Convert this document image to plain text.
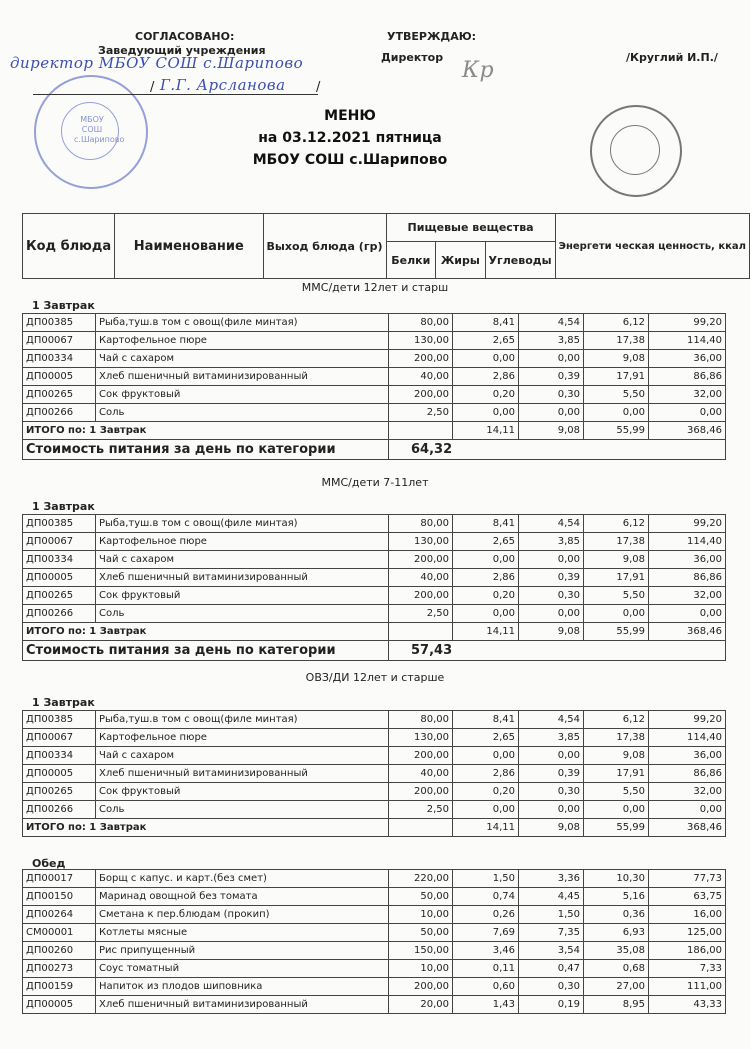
СОГЛАСОВАНО:
Заведующий учреждения
МБОУ СОШ с.Шарипово
директор МБОУ СОШ с.Шарипово
/ Г.Г. Арсланова /
УТВЕРЖДАЮ:
Директор
Кр
/Круглий И.П./
МЕНЮ
на 03.12.2021 пятница
МБОУ СОШ с.Шарипово
Код блюда	Наименование	Выход блюда (гр)	Пищевые вещества			Энергети ческая ценность, ккал
			Белки	Жиры	Углеводы	
ММС/дети 12лет и старш
1 Завтрак
ДП00385	Рыба,туш.в том с овощ(филе минтая)	80,00	8,41	4,54	6,12	99,20
ДП00067	Картофельное пюре	130,00	2,65	3,85	17,38	114,40
ДП00334	Чай с сахаром	200,00	0,00	0,00	9,08	36,00
ДП00005	Хлеб пшеничный витаминизированный	40,00	2,86	0,39	17,91	86,86
ДП00265	Сок фруктовый	200,00	0,20	0,30	5,50	32,00
ДП00266	Соль	2,50	0,00	0,00	0,00	0,00
ИТОГО по: 1 Завтрак			14,11	9,08	55,99	368,46
Стоимость питания за день по категории		64,32				
ММС/дети 7-11лет
1 Завтрак
ДП00385	Рыба,туш.в том с овощ(филе минтая)	80,00	8,41	4,54	6,12	99,20
ДП00067	Картофельное пюре	130,00	2,65	3,85	17,38	114,40
ДП00334	Чай с сахаром	200,00	0,00	0,00	9,08	36,00
ДП00005	Хлеб пшеничный витаминизированный	40,00	2,86	0,39	17,91	86,86
ДП00265	Сок фруктовый	200,00	0,20	0,30	5,50	32,00
ДП00266	Соль	2,50	0,00	0,00	0,00	0,00
ИТОГО по: 1 Завтрак			14,11	9,08	55,99	368,46
Стоимость питания за день по категории		57,43				
ОВЗ/ДИ 12лет и старше
1 Завтрак
ДП00385	Рыба,туш.в том с овощ(филе минтая)	80,00	8,41	4,54	6,12	99,20
ДП00067	Картофельное пюре	130,00	2,65	3,85	17,38	114,40
ДП00334	Чай с сахаром	200,00	0,00	0,00	9,08	36,00
ДП00005	Хлеб пшеничный витаминизированный	40,00	2,86	0,39	17,91	86,86
ДП00265	Сок фруктовый	200,00	0,20	0,30	5,50	32,00
ДП00266	Соль	2,50	0,00	0,00	0,00	0,00
ИТОГО по: 1 Завтрак			14,11	9,08	55,99	368,46
Обед
ДП00017	Борщ с капус. и карт.(без смет)	220,00	1,50	3,36	10,30	77,73
ДП00150	Маринад овощной без томата	50,00	0,74	4,45	5,16	63,75
ДП00264	Сметана к пер.блюдам (прокип)	10,00	0,26	1,50	0,36	16,00
СМ00001	Котлеты мясные	50,00	7,69	7,35	6,93	125,00
ДП00260	Рис припущенный	150,00	3,46	3,54	35,08	186,00
ДП00273	Соус томатный	10,00	0,11	0,47	0,68	7,33
ДП00159	Напиток из плодов шиповника	200,00	0,60	0,30	27,00	111,00
ДП00005	Хлеб пшеничный витаминизированный	20,00	1,43	0,19	8,95	43,33
